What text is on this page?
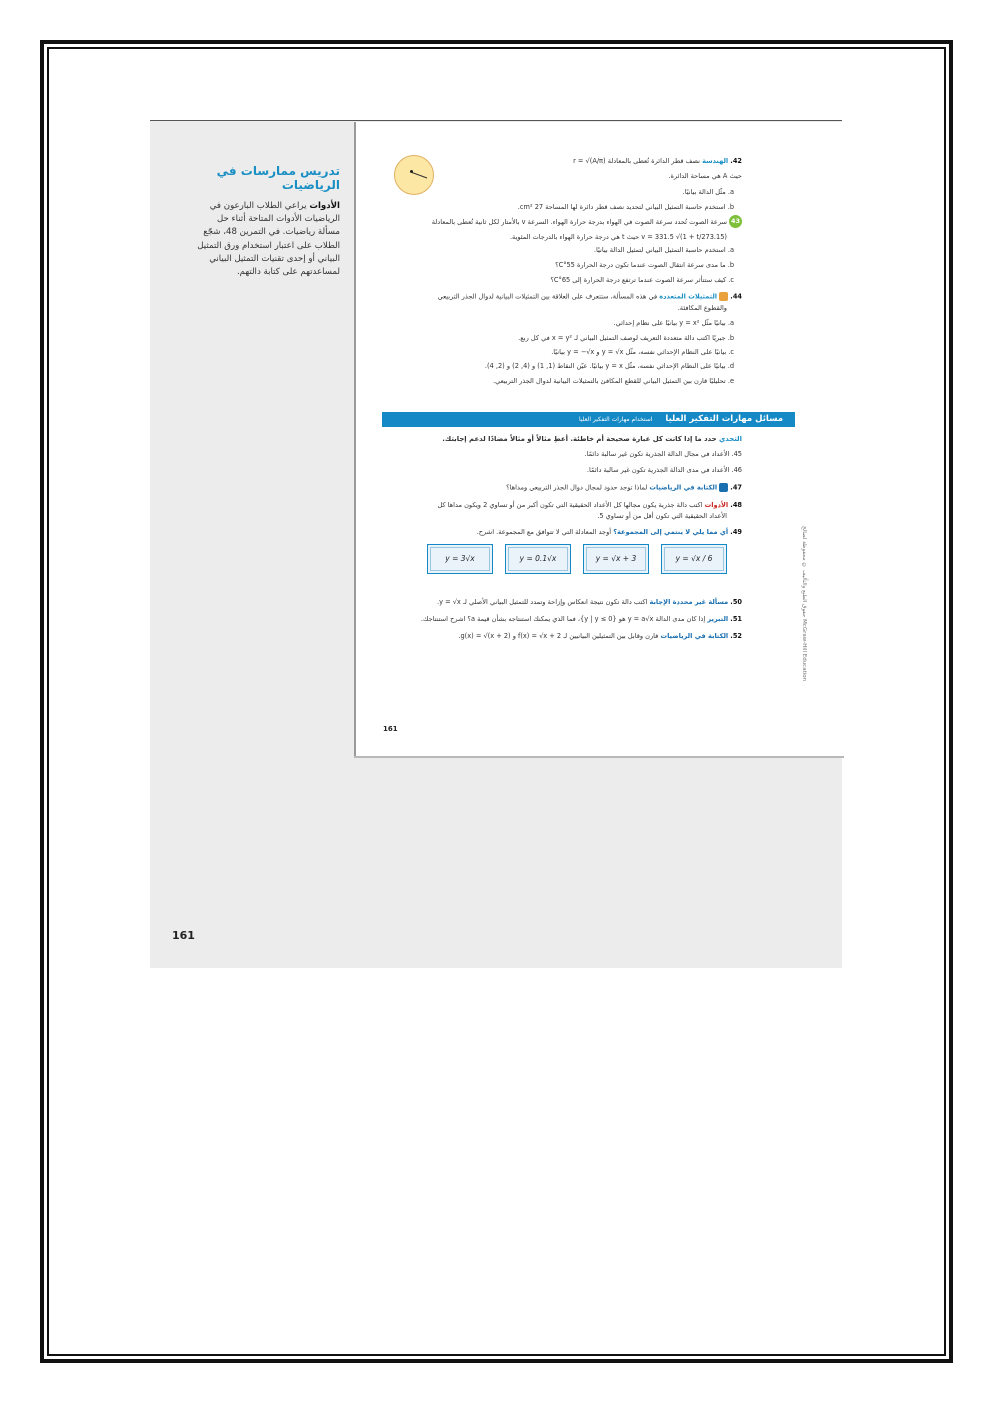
تدريس ممارسات في الرياضيات
الأدوات يراعي الطلاب البارعون في
الرياضيات الأدوات المتاحة أثناء حل
مسألة رياضيات. في التمرين 48، شجّع
الطلاب على اعتبار استخدام ورق التمثيل
البياني أو إحدى تقنيات التمثيل البياني
لمساعدتهم على كتابة دالتهم.
42. الهندسة نصف قطر الدائرة تُعطى بالمعادلة r = √(A/π)
حيث A هي مساحة الدائرة.
a. مثّل الدالة بيانيًا.
b. استخدم حاسبة التمثيل البياني لتحديد نصف قطر دائرة لها المساحة 27 cm².
43
سرعة الصوت تُحدد سرعة الصوت في الهواء بدرجة حرارة الهواء. السرعة v بالأمتار لكل ثانية تُعطى بالمعادلة
v = 331.5 √(1 + t/273.15) حيث t هي درجة حرارة الهواء بالدرجات المئوية.
a. استخدم حاسبة التمثيل البياني لتمثيل الدالة بيانيًا.
b. ما مدى سرعة انتقال الصوت عندما تكون درجة الحرارة 55°C؟
c. كيف ستتأثر سرعة الصوت عندما ترتفع درجة الحرارة إلى 65°C؟
44.  التمثيلات المتعددة في هذه المسألة، ستتعرف على العلاقة بين التمثيلات البيانية لدوال الجذر التربيعي
والقطوع المكافئة.
a. بيانيًا مثّل y = x² بيانيًا على نظام إحداثي.
b. جبريًا اكتب دالة متعددة التعريف لوصف التمثيل البياني لـ x = y² في كل ربع.
c. بيانيًا على النظام الإحداثي نفسه، مثّل y = √x و y = −√x بيانيًا.
d. بيانيًا على النظام الإحداثي نفسه، مثّل y = x بيانيًا. عيّن النقاط (1, 1) و (4, 2) و (2, 4).
e. تحليليًا قارن بين التمثيل البياني للقطع المكافئ بالتمثيلات البيانية لدوال الجذر التربيعي.
مسائل مهارات التفكير العليا استخدام مهارات التفكير العليا
التحدي حدد ما إذا كانت كل عبارة صحيحة أم خاطئة. أعطِ مثالاً أو مثالاً مضادًا لدعم إجابتك.
45. الأعداد في مجال الدالة الجذرية تكون غير سالبة دائمًا.
46. الأعداد في مدى الدالة الجذرية تكون غير سالبة دائمًا.
47.  الكتابة في الرياضيات لماذا توجد حدود لمجال دوال الجذر التربيعي ومداها؟
48. الأدوات اكتب دالة جذرية يكون مجالها كل الأعداد الحقيقية التي تكون أكبر من أو تساوي 2 ويكون مداها كل
الأعداد الحقيقية التي تكون أقل من أو تساوي 5.
49. أي مما يلي لا ينتمي إلى المجموعة؟ أوجد المعادلة التي لا تتوافق مع المجموعة. اشرح.
y = 3√x	y = 0.1√x	y = √x + 3	y = √x / 6
50. مسألة غير محددة الإجابة اكتب دالة تكون نتيجة انعكاس وإزاحة وتمدد للتمثيل البياني الأصلي لـ y = √x.
51. التبرير إذا كان مدى الدالة y = a√x هو {y | y ≤ 0}، فما الذي يمكنك استنتاجه بشأن قيمة a؟ اشرح استنتاجك.
52. الكتابة في الرياضيات قارن وقابل بين التمثيلين البيانيين لـ f(x) = √x + 2 و g(x) = √(x + 2).
حقوق الطبع والتأليف © محفوظة لصالح McGraw-Hill Education
161
161
